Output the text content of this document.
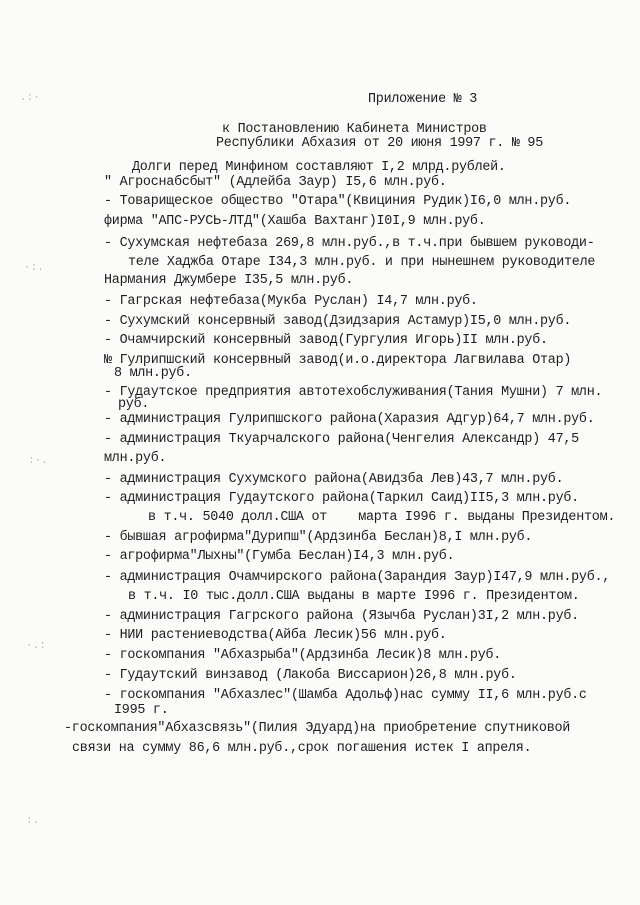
.:·
·:.
:·.
·.:
:.
Приложение № 3
к Постановлению Кабинета Министров
Республики Абхазия от 20 июня 1997 г. № 95
Долги перед Минфином составляют I,2 млрд.рублей.
" Агроснабсбыт" (Адлейба Заур) I5,6 млн.руб.
- Товарищеское общество "Отара"(Квициния Рудик)I6,0 млн.руб.
фирма "АПС-РУСЬ-ЛТД"(Хашба Вахтанг)I0I,9 млн.руб.
- Сухумская нефтебаза 269,8 млн.руб.,в т.ч.при бывшем руководи-
теле Хаджба Отаре I34,3 млн.руб. и при нынешнем руководителе
Нармания Джумбере I35,5 млн.руб.
- Гагрская нефтебаза(Мукба Руслан) I4,7 млн.руб.
- Сухумский консервный завод(Дзидзария Астамур)I5,0 млн.руб.
- Очамчирский консервный завод(Гургулия Игорь)II млн.руб.
№ Гулрипшский консервный завод(и.о.директора Лагвилава Отар)
8 млн.руб.
- Гудаутское предприятия автотехобслуживания(Тания Мушни) 7 млн.
руб.
- администрация Гулрипшского района(Харазия Адгур)64,7 млн.руб.
- администрация Ткуарчалского района(Ченгелия Александр) 47,5
млн.руб.
- администрация Сухумского района(Авидзба Лев)43,7 млн.руб.
- администрация Гудаутского района(Таркил Саид)II5,3 млн.руб.
в т.ч. 5040 долл.США от    марта I996 г. выданы Президентом.
- бывшая агрофирма"Дурипш"(Ардзинба Беслан)8,I млн.руб.
- агрофирма"Лыхны"(Гумба Беслан)I4,3 млн.руб.
- администрация Очамчирского района(Зарандия Заур)I47,9 млн.руб.,
в т.ч. I0 тыс.долл.США выданы в марте I996 г. Президентом.
- администрация Гагрского района (Язычба Руслан)3I,2 млн.руб.
- НИИ растениеводства(Айба Лесик)56 млн.руб.
- госкомпания "Абхазрыба"(Ардзинба Лесик)8 млн.руб.
- Гудаутский винзавод (Лакоба Виссарион)26,8 млн.руб.
- госкомпания "Абхазлес"(Шамба Адольф)нас сумму II,6 млн.руб.с
I995 г.
-госкомпания"Абхазсвязь"(Пилия Эдуард)на приобретение спутниковой
связи на сумму 86,6 млн.руб.,срок погашения истек I апреля.
